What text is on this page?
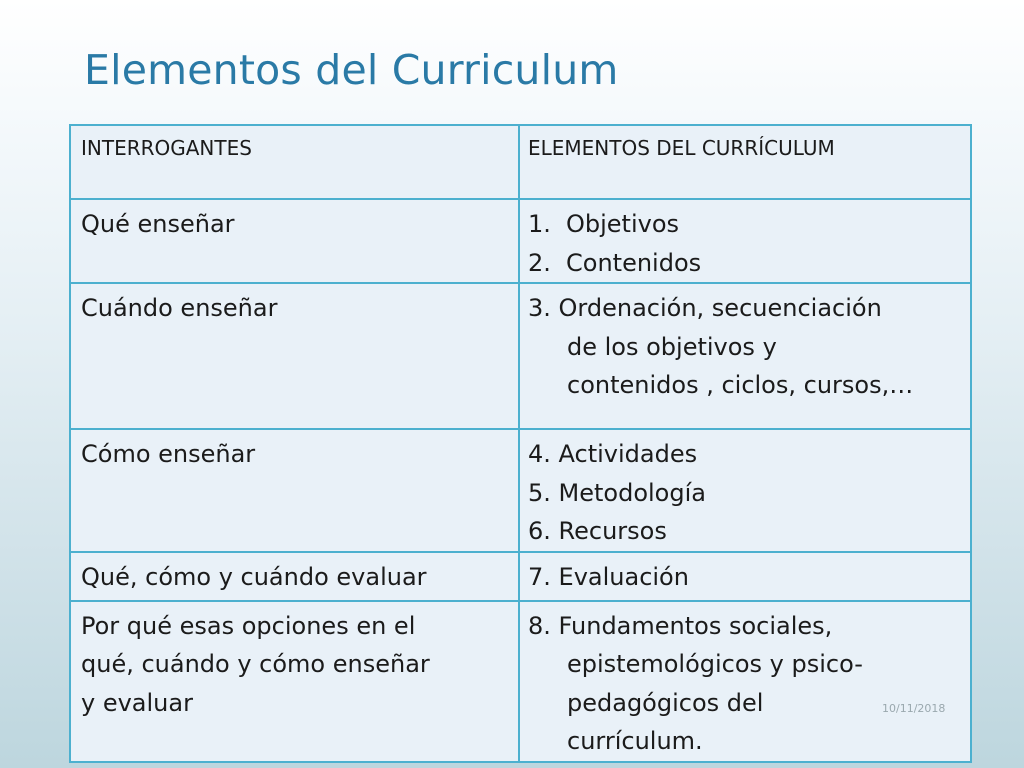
Elementos del Curriculum
INTERROGANTES	ELEMENTOS DEL CURRÍCULUM

Qué enseñar	1. Objetivos
2. Contenidos

Cuándo enseñar	3. Ordenación, secuenciación
de los objetivos y
contenidos , ciclos, cursos,…

Cómo enseñar	4. Actividades
5. Metodología
6. Recursos

Qué, cómo y cuándo evaluar	7. Evaluación

Por qué esas opciones en el
qué, cuándo y cómo enseñar
y evaluar	8. Fundamentos sociales,
epistemológicos y psico-
pedagógicos del
currículum.
10/11/2018
